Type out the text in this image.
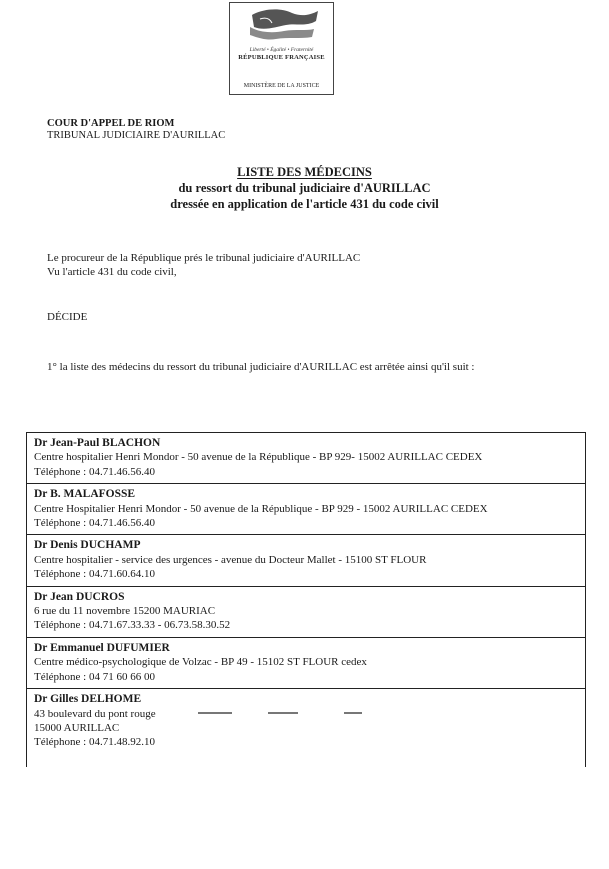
Liberté • Égalité • Fraternité
RÉPUBLIQUE FRANÇAISE
MINISTÈRE DE LA JUSTICE
COUR D'APPEL DE RIOM
TRIBUNAL JUDICIAIRE D'AURILLAC
LISTE DES MÉDECINS
du ressort du tribunal judiciaire d'AURILLAC
dressée en application de l'article 431 du code civil
Le procureur de la République prés le tribunal judiciaire d'AURILLAC
Vu l'article 431 du code civil,
DÉCIDE
1° la liste des médecins du ressort du tribunal judiciaire d'AURILLAC est arrêtée ainsi qu'il suit :
Dr Jean-Paul BLACHON
Centre hospitalier Henri Mondor - 50 avenue de la République - BP 929- 15002 AURILLAC CEDEX
Téléphone : 04.71.46.56.40
Dr B. MALAFOSSE
Centre Hospitalier Henri Mondor - 50 avenue de la République - BP 929 - 15002 AURILLAC CEDEX
Téléphone : 04.71.46.56.40
Dr Denis DUCHAMP
Centre hospitalier - service des urgences - avenue du Docteur Mallet - 15100 ST FLOUR
Téléphone : 04.71.60.64.10
Dr Jean DUCROS
6 rue du 11 novembre 15200 MAURIAC
Téléphone : 04.71.67.33.33 - 06.73.58.30.52
Dr Emmanuel DUFUMIER
Centre médico-psychologique de Volzac - BP 49 - 15102 ST FLOUR cedex
Téléphone : 04 71 60 66 00
Dr Gilles DELHOME
43 boulevard du pont rouge
15000 AURILLAC
Téléphone : 04.71.48.92.10
